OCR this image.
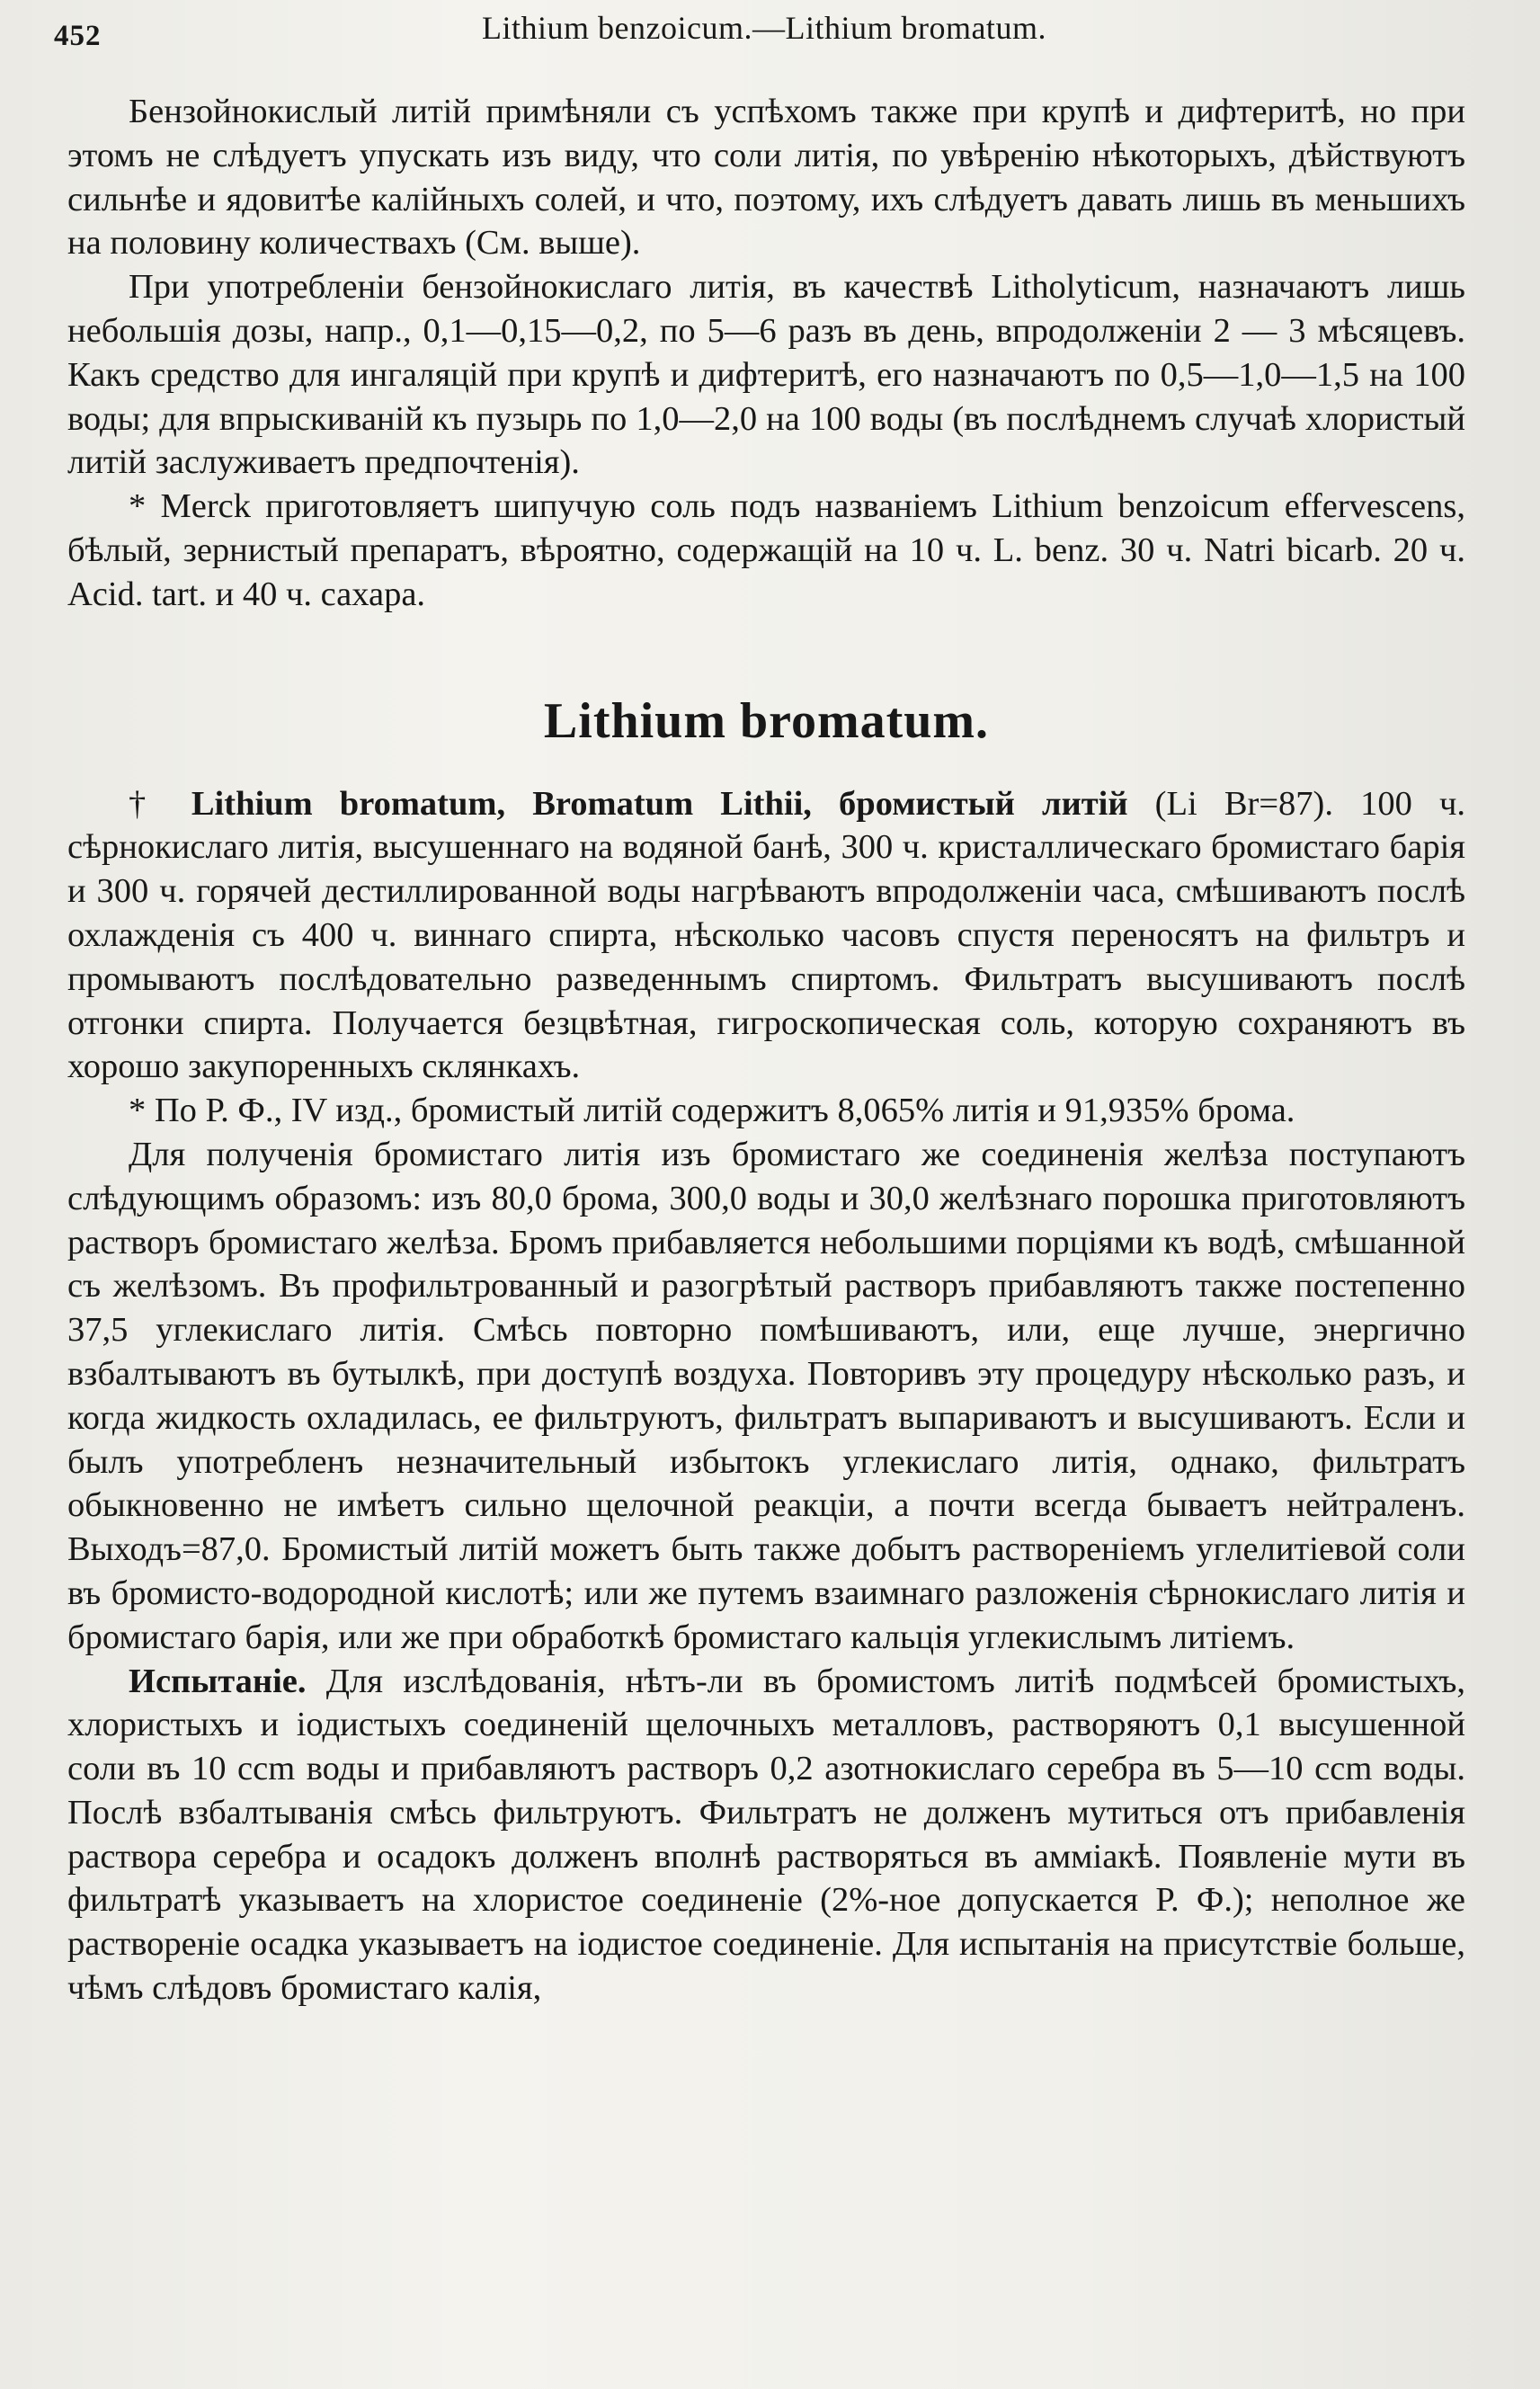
452	Lithium benzoicum.—Lithium bromatum.

Бензойнокислый литій примѣняли съ успѣхомъ также при крупѣ и дифтеритѣ, но при этомъ не слѣдуетъ упускать изъ виду, что соли литія, по увѣренію нѣкоторыхъ, дѣйствуютъ сильнѣе и ядовитѣе калійныхъ солей, и что, поэтому, ихъ слѣдуетъ давать лишь въ меньшихъ на половину количествахъ (См. выше).

При употребленіи бензойнокислаго литія, въ качествѣ Litholyticum, назначаютъ лишь небольшія дозы, напр., 0,1—0,15—0,2, по 5—6 разъ въ день, впродолженіи 2 — 3 мѣсяцевъ. Какъ средство для ингаляцій при крупѣ и дифтеритѣ, его назначаютъ по 0,5—1,0—1,5 на 100 воды; для впрыскиваній къ пузырь по 1,0—2,0 на 100 воды (въ послѣднемъ случаѣ хлористый литій заслуживаетъ предпочтенія).

* Merck приготовляетъ шипучую соль подъ названіемъ Lithium benzoicum effervescens, бѣлый, зернистый препаратъ, вѣроятно, содержащій на 10 ч. L. benz. 30 ч. Natri bicarb. 20 ч. Acid. tart. и 40 ч. сахара.

Lithium bromatum.

† Lithium bromatum, Bromatum Lithii, бромистый литій (Li Br=87). 100 ч. сѣрнокислаго литія, высушеннаго на водяной банѣ, 300 ч. кристаллическаго бромистаго барія и 300 ч. горячей дестиллированной воды нагрѣваютъ впродолженіи часа, смѣшиваютъ послѣ охлажденія съ 400 ч. виннаго спирта, нѣсколько часовъ спустя переносятъ на фильтръ и промываютъ послѣдовательно разведеннымъ спиртомъ. Фильтратъ высушиваютъ послѣ отгонки спирта. Получается безцвѣтная, гигроскопическая соль, которую сохраняютъ въ хорошо закупоренныхъ склянкахъ.

* По Р. Ф., IV изд., бромистый литій содержитъ 8,065% литія и 91,935% брома.

Для полученія бромистаго литія изъ бромистаго же соединенія желѣза поступаютъ слѣдующимъ образомъ: изъ 80,0 брома, 300,0 воды и 30,0 желѣзнаго порошка приготовляютъ растворъ бромистаго желѣза. Бромъ прибавляется небольшими порціями къ водѣ, смѣшанной съ желѣзомъ. Въ профильтрованный и разогрѣтый растворъ прибавляютъ также постепенно 37,5 углекислаго литія. Смѣсь повторно помѣшиваютъ, или, еще лучше, энергично взбалтываютъ въ бутылкѣ, при доступѣ воздуха. Повторивъ эту процедуру нѣсколько разъ, и когда жидкость охладилась, ее фильтруютъ, фильтратъ выпариваютъ и высушиваютъ. Если и былъ употребленъ незначительный избытокъ углекислаго литія, однако, фильтратъ обыкновенно не имѣетъ сильно щелочной реакціи, а почти всегда бываетъ нейтраленъ. Выходъ=87,0. Бромистый литій можетъ быть также добытъ растворенiемъ углелитіевой соли въ бромисто-водородной кислотѣ; или же путемъ взаимнаго разложенія сѣрнокислаго литія и бромистаго барія, или же при обработкѣ бромистаго кальція углекислымъ литіемъ.

Испытаніе. Для изслѣдованія, нѣтъ-ли въ бромистомъ литіѣ подмѣсей бромистыхъ, хлористыхъ и іодистыхъ соединеній щелочныхъ металловъ, растворяютъ 0,1 высушенной соли въ 10 ccm воды и прибавляютъ растворъ 0,2 азотнокислаго серебра въ 5—10 ccm воды. Послѣ взбалтыванія смѣсь фильтруютъ. Фильтратъ не долженъ мутиться отъ прибавленія раствора серебра и осадокъ долженъ вполнѣ растворяться въ амміакѣ. Появленіе мути въ фильтратѣ указываетъ на хлористое соединеніе (2%-ное допускается Р. Ф.); неполное же раствореніе осадка указываетъ на іодистое соединеніе. Для испытанія на присутствіе больше, чѣмъ слѣдовъ бромистаго калія,
